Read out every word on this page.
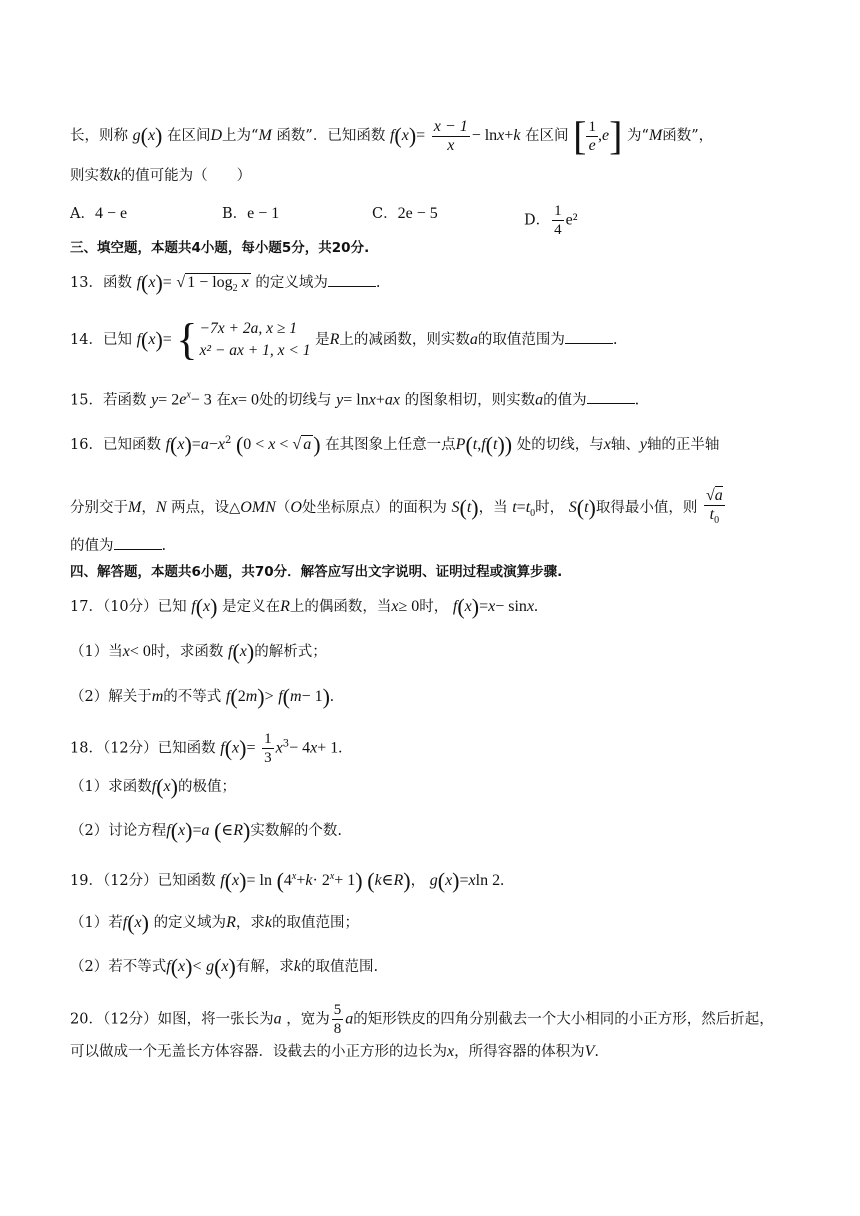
长，则称 g(x) 在区间D上为“M 函数”．已知函数 $f(x)= \frac{x - 1}{x} - \ln x+k$ 在区间 [ $\frac{1}{e} ,e$] 为“M函数”，
则实数k的值可能为（　　）
A．4 − e	B．e − 1	C．2e − 5	D． $\frac{1}{4} e^2$
三、填空题，本题共4小题，每小题5分，共20分.
13．函数 f(x)= √ $1 - \log_2 x$ 的定义域为	.
14．已知 f(x)= { −7x + 2a, x ≥ 1
x² − ax + 1, x < 1
是R上的减函数，则实数a的取值范围为	.
15．若函数 $y= 2e^x- 3$ 在x= 0处的切线与 y= lnx+ax 的图象相切，则实数a的值为	.
16．已知函数 $f(x)=a-x^2$ (0 < x < √ a) 在其图象上任意一点P(t,f(t)) 处的切线，与x轴、y轴的正半轴
分别交于M，N 两点，设△OMN（O处坐标原点）的面积为 S(t)，当 $t=t_0$时， S(t)取得最小值，则 $\frac{√a}{t_0}$
的值为	.
四、解答题，本题共6小题，共70分．解答应写出文字说明、证明过程或演算步骤.
17．（10分）已知 f(x) 是定义在R上的偶函数，当x≥ 0时， f(x)=x− sinx.
（1）当x< 0时，求函数 f(x)的解析式；
（2）解关于m的不等式 f(2m)> f(m− 1).
18．（12分）已知函数 $f(x)= \frac{1}{3} x^3- 4x+ 1$.
（1）求函数f(x)的极值；
（2）讨论方程f(x)=a (∈R)实数解的个数.
19．（12分）已知函数 $f(x)= \ln (4^x+k\cdot 2^x+ 1)$ (k∈R)， g(x)=xln 2.
（1）若f(x) 的定义域为R，求k的取值范围；
（2）若不等式f(x)< g(x)有解，求k的取值范围.
20．（12分）如图，将一张长为a ，宽为 $\frac{5}{8}$ a的矩形铁皮的四角分别截去一个大小相同的小正方形，然后折起，
可以做成一个无盖长方体容器．设截去的小正方形的边长为x，所得容器的体积为V.
